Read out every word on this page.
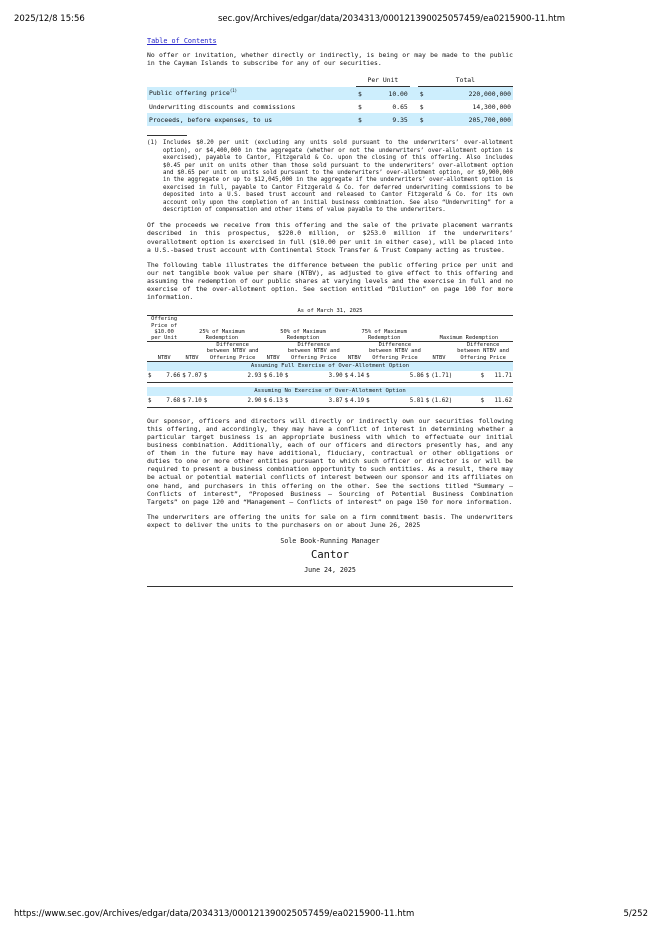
2025/12/8 15:56	sec.gov/Archives/edgar/data/2034313/000121390025057459/ea0215900-11.htm
Table of Contents

No offer or invitation, whether directly or indirectly, is being or may be made to the public in the Cayman Islands to subscribe for any of our securities.

	Per Unit			Total	
Public offering price$^{(1)}$	$	10.00		$	220,000,000
Underwriting discounts and commissions	$	0.65		$	14,300,000
Proceeds, before expenses, to us	$	9.35		$	205,700,000
(1) Includes $0.20 per unit (excluding any units sold pursuant to the underwriters’ over-allotment option), or $4,400,000 in the aggregate (whether or not the underwriters’ over-allotment option is exercised), payable to Cantor, Fitzgerald & Co. upon the closing of this offering. Also includes $0.45 per unit on units other than those sold pursuant to the underwriters’ over-allotment option and $0.65 per unit on units sold pursuant to the underwriters’ over-allotment option, or $9,900,000 in the aggregate or up to $12,045,000 in the aggregate if the underwriters’ over-allotment option is exercised in full, payable to Cantor Fitzgerald & Co. for deferred underwriting commissions to be deposited into a U.S. based trust account and released to Cantor Fitzgerald & Co. for its own account only upon the completion of an initial business combination. See also “Underwriting” for a description of compensation and other items of value payable to the underwriters.

Of the proceeds we receive from this offering and the sale of the private placement warrants described in this prospectus, $220.0 million, or $253.0 million if the underwriters’ overallotment option is exercised in full ($10.00 per unit in either case), will be placed into a U.S.-based trust account with Continental Stock Transfer & Trust Company acting as trustee.

The following table illustrates the difference between the public offering price per unit and our net tangible book value per share (NTBV), as adjusted to give effect to this offering and assuming the redemption of our public shares at varying levels and the exercise in full and no exercise of the over-allotment option. See section entitled “Dilution” on page 100 for more information.

As of March 31, 2025																
Offering Price of $10.00 per Unit		25% of Maximum Redemption				50% of Maximum Redemption				75% of Maximum Redemption				Maximum Redemption		
NTBV		NTBV		Difference between NTBV and Offering Price		NTBV		Difference between NTBV and Offering Price		NTBV		Difference between NTBV and Offering Price		NTBV		Difference between NTBV and Offering Price
Assuming Full Exercise of Over-Allotment Option																
$	7.66	$	7.07	$	2.93	$	6.10	$	3.90	$	4.14	$	5.86	$	(1.71)	$ 11.71

Assuming No Exercise of Over-Allotment Option																
$	7.68	$	7.10	$	2.90	$	6.13	$	3.87	$	4.19	$	5.81	$	(1.62)	$ 11.62

Our sponsor, officers and directors will directly or indirectly own our securities following this offering, and accordingly, they may have a conflict of interest in determining whether a particular target business is an appropriate business with which to effectuate our initial business combination. Additionally, each of our officers and directors presently has, and any of them in the future may have additional, fiduciary, contractual or other obligations or duties to one or more other entities pursuant to which such officer or director is or will be required to present a business combination opportunity to such entities. As a result, there may be actual or potential material conflicts of interest between our sponsor and its affiliates on one hand, and purchasers in this offering on the other. See the sections titled “Summary — Conflicts of interest”, “Proposed Business — Sourcing of Potential Business Combination Targets” on page 120 and “Management — Conflicts of interest” on page 150 for more information.

The underwriters are offering the units for sale on a firm commitment basis. The underwriters expect to deliver the units to the purchasers on or about June 26, 2025

Sole Book-Running Manager
Cantor
June 24, 2025
https://www.sec.gov/Archives/edgar/data/2034313/000121390025057459/ea0215900-11.htm	5/252
